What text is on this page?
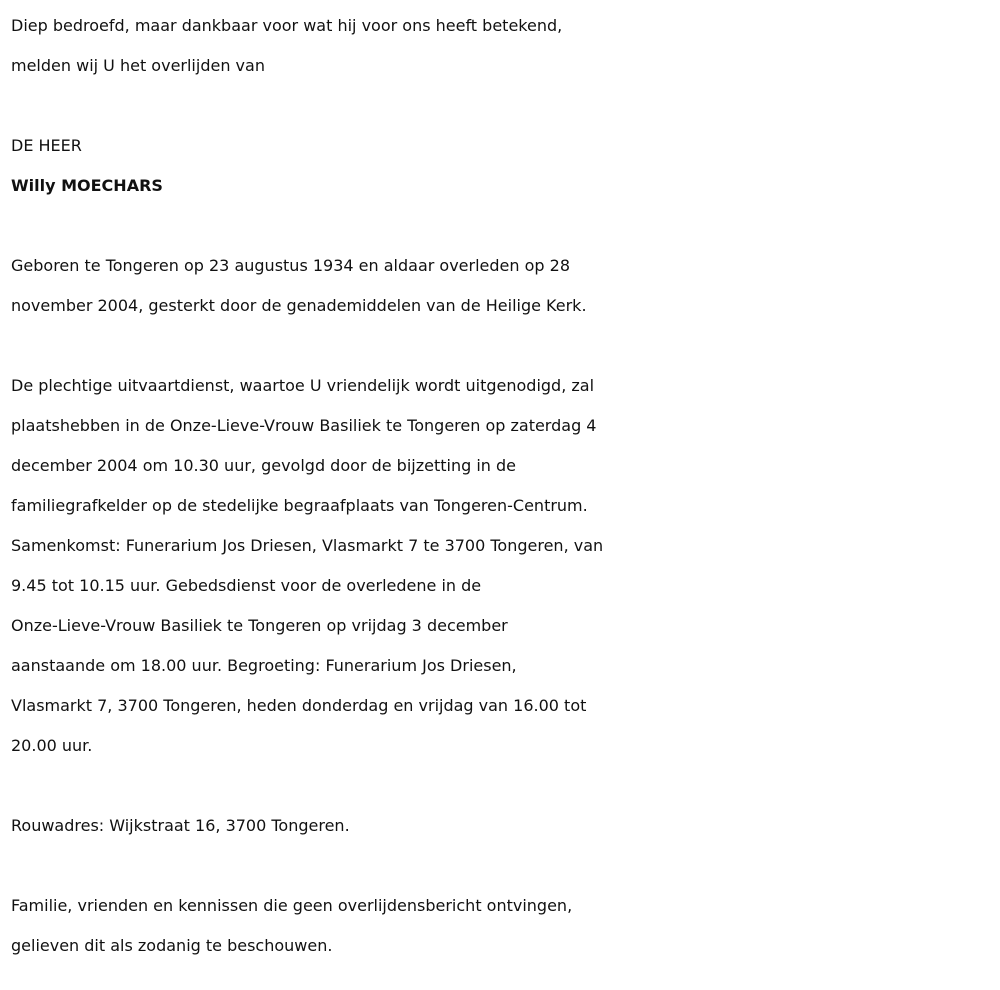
Diep bedroefd, maar dankbaar voor wat hij voor ons heeft betekend,
melden wij U het overlijden van
DE HEER
Willy MOECHARS
Geboren te Tongeren op 23 augustus 1934 en aldaar overleden op 28
november 2004, gesterkt door de genademiddelen van de Heilige Kerk.
De plechtige uitvaartdienst, waartoe U vriendelijk wordt uitgenodigd, zal
plaatshebben in de Onze-Lieve-Vrouw Basiliek te Tongeren op zaterdag 4
december 2004 om 10.30 uur, gevolgd door de bijzetting in de
familiegrafkelder op de stedelijke begraafplaats van Tongeren-Centrum.
Samenkomst: Funerarium Jos Driesen, Vlasmarkt 7 te 3700 Tongeren, van
9.45 tot 10.15 uur. Gebedsdienst voor de overledene in de
Onze-Lieve-Vrouw Basiliek te Tongeren op vrijdag 3 december
aanstaande om 18.00 uur. Begroeting: Funerarium Jos Driesen,
Vlasmarkt 7, 3700 Tongeren, heden donderdag en vrijdag van 16.00 tot
20.00 uur.
Rouwadres: Wijkstraat 16, 3700 Tongeren.
Familie, vrienden en kennissen die geen overlijdensbericht ontvingen,
gelieven dit als zodanig te beschouwen.
